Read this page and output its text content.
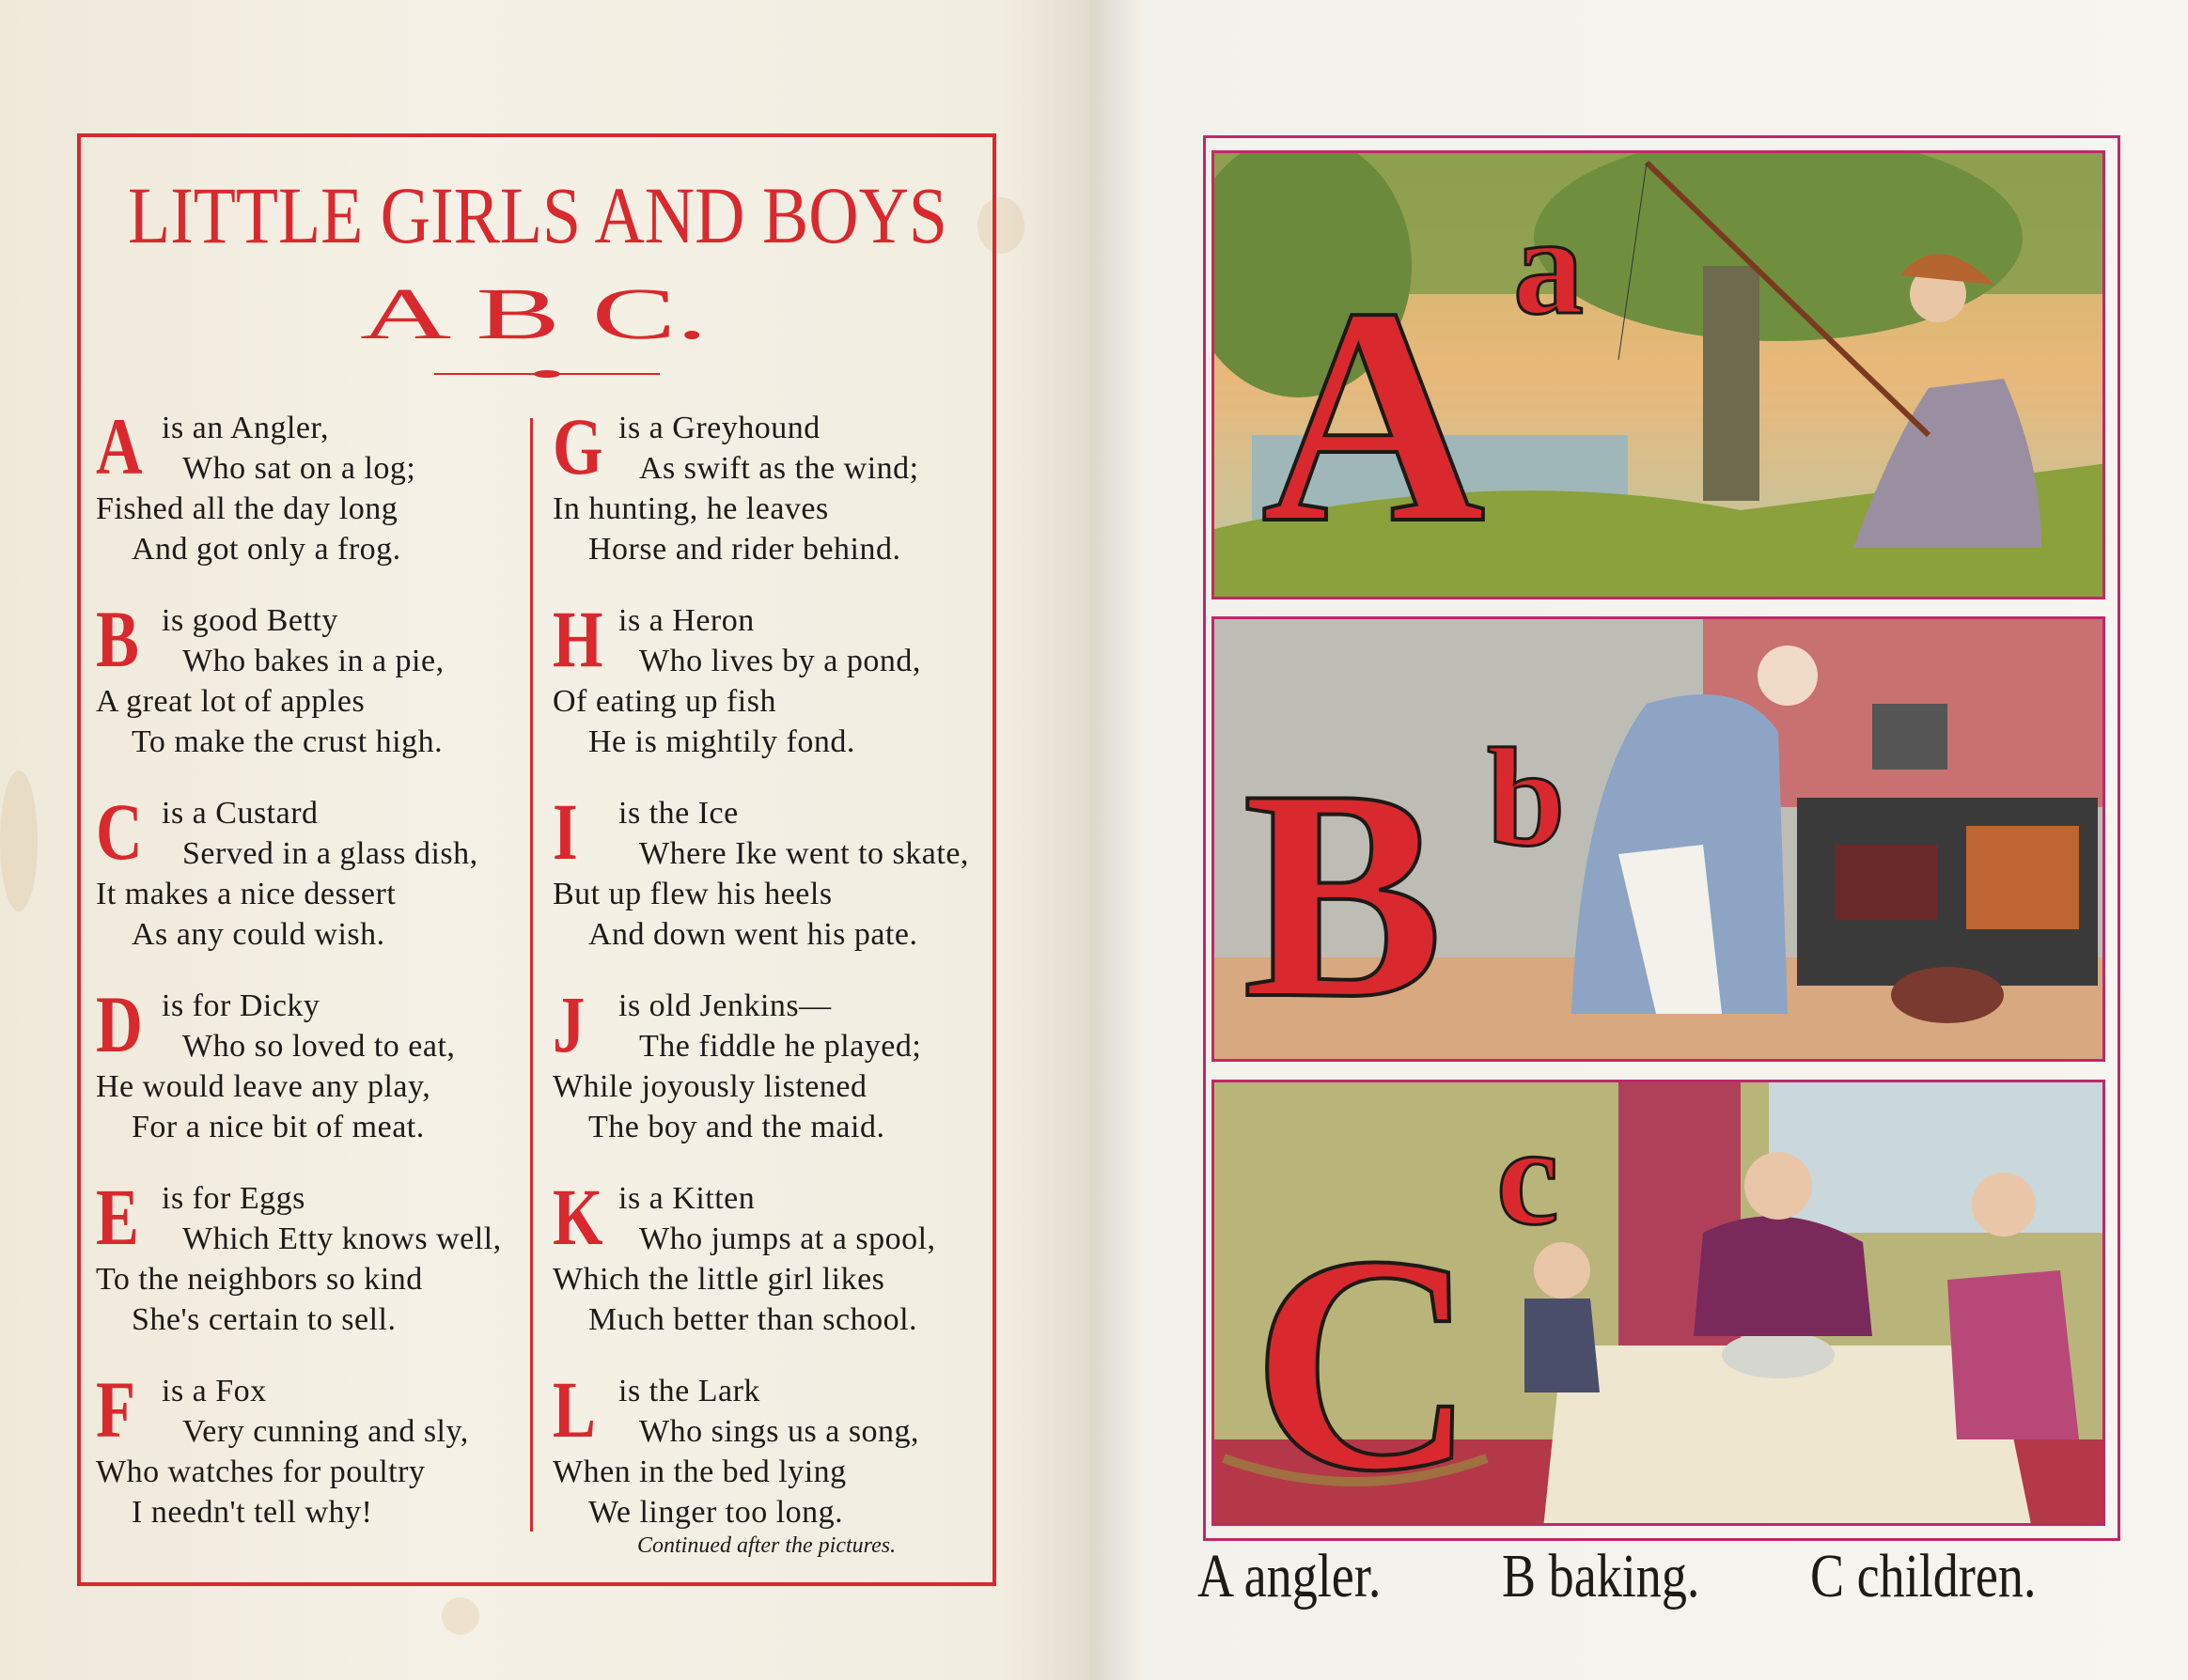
LITTLE GIRLS AND BOYS
A B C.
A is an Angler,
Who sat on a log;
Fished all the day long
And got only a frog.
B is good Betty
Who bakes in a pie,
A great lot of apples
To make the crust high.
C is a Custard
Served in a glass dish,
It makes a nice dessert
As any could wish.
D is for Dicky
Who so loved to eat,
He would leave any play,
For a nice bit of meat.
E is for Eggs
Which Etty knows well,
To the neighbors so kind
She's certain to sell.
F is a Fox
Very cunning and sly,
Who watches for poultry
I needn't tell why!
G is a Greyhound
As swift as the wind;
In hunting, he leaves
Horse and rider behind.
H is a Heron
Who lives by a pond,
Of eating up fish
He is mightily fond.
I is the Ice
Where Ike went to skate,
But up flew his heels
And down went his pate.
J is old Jenkins—
The fiddle he played;
While joyously listened
The boy and the maid.
K is a Kitten
Who jumps at a spool,
Which the little girl likes
Much better than school.
L is the Lark
Who sings us a song,
When in the bed lying
We linger too long.
Continued after the pictures.
A a
B b
C
c
A angler. B baking. C children.
